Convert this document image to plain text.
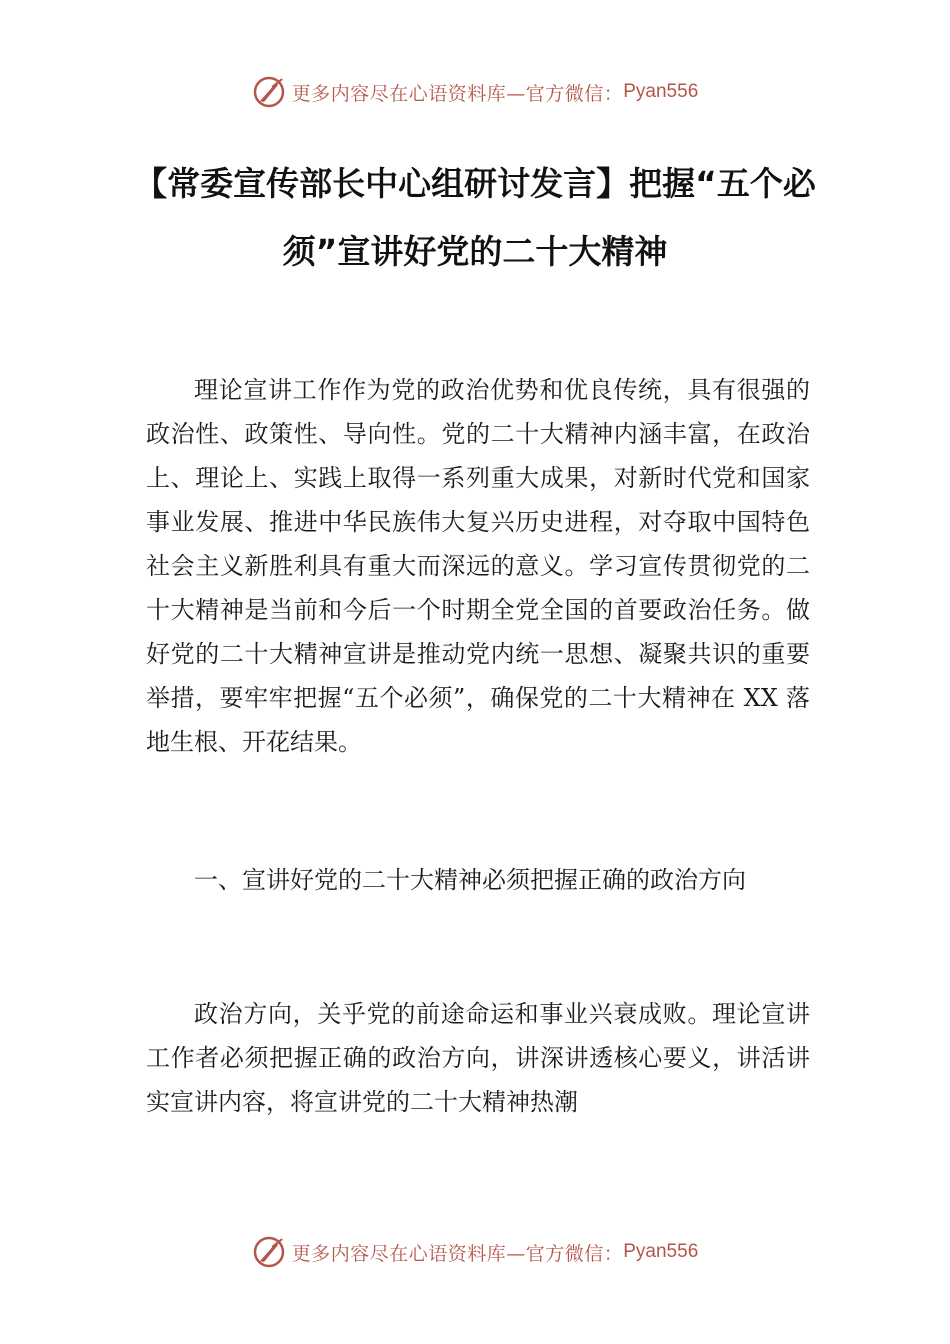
更多内容尽在心语资料库—官方微信： Pyan556
【常委宣传部长中心组研讨发言】把握“五个必须”宣讲好党的二十大精神

理论宣讲工作作为党的政治优势和优良传统，具有很强的政治性、政策性、导向性。党的二十大精神内涵丰富，在政治上、理论上、实践上取得一系列重大成果，对新时代党和国家事业发展、推进中华民族伟大复兴历史进程，对夺取中国特色社会主义新胜利具有重大而深远的意义。学习宣传贯彻党的二十大精神是当前和今后一个时期全党全国的首要政治任务。做好党的二十大精神宣讲是推动党内统一思想、凝聚共识的重要举措，要牢牢把握“五个必须”，确保党的二十大精神在 XX 落地生根、开花结果。

一、宣讲好党的二十大精神必须把握正确的政治方向

政治方向，关乎党的前途命运和事业兴衰成败。理论宣讲工作者必须把握正确的政治方向，讲深讲透核心要义，讲活讲实宣讲内容，将宣讲党的二十大精神热潮

更多内容尽在心语资料库—官方微信： Pyan556
